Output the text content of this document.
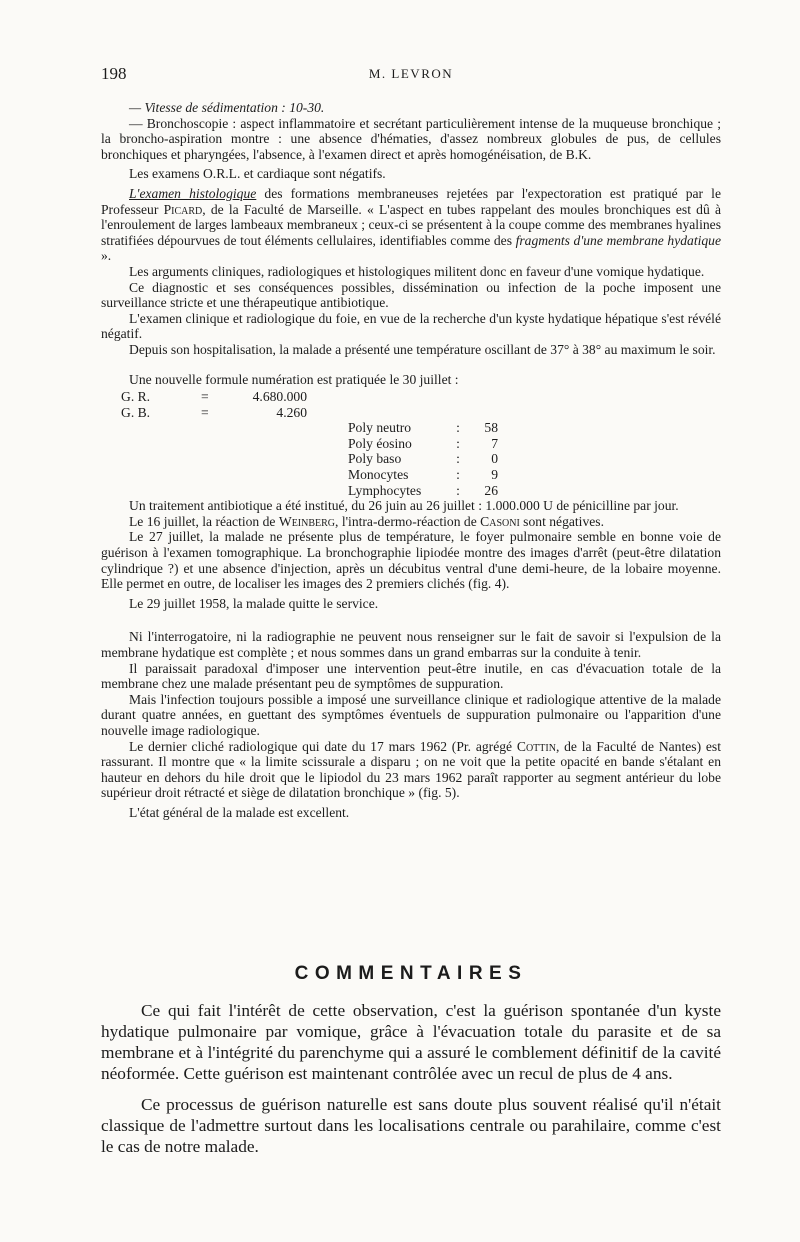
198	M. LEVRON

— Vitesse de sédimentation : 10-30.

— Bronchoscopie : aspect inflammatoire et secrétant particulièrement intense de la muqueuse bronchique ; la broncho-aspiration montre : une absence d'hématies, d'assez nombreux globules de pus, de cellules bronchiques et pharyngées, l'absence, à l'examen direct et après homogénéisation, de B.K.

Les examens O.R.L. et cardiaque sont négatifs.

L'examen histologique des formations membraneuses rejetées par l'expectoration est pratiqué par le Professeur Picard, de la Faculté de Marseille. « L'aspect en tubes rappelant des moules bronchiques est dû à l'enroulement de larges lambeaux membraneux ; ceux-ci se présentent à la coupe comme des membranes hyalines stratifiées dépourvues de tout éléments cellulaires, identifiables comme des fragments d'une membrane hydatique ».

Les arguments cliniques, radiologiques et histologiques militent donc en faveur d'une vomique hydatique.

Ce diagnostic et ses conséquences possibles, dissémination ou infection de la poche imposent une surveillance stricte et une thérapeutique antibiotique.

L'examen clinique et radiologique du foie, en vue de la recherche d'un kyste hydatique hépatique s'est révélé négatif.

Depuis son hospitalisation, la malade a présenté une température oscillant de 37° à 38° au maximum le soir.

Une nouvelle formule numération est pratiquée le 30 juillet :

G. R.	=	4.680.000
G. B.	=	4.260
Poly neutro	:	58
Poly éosino	:	7
Poly baso	:	0
Monocytes	:	9
Lymphocytes	:	26

Un traitement antibiotique a été institué, du 26 juin au 26 juillet : 1.000.000 U de pénicilline par jour.

Le 16 juillet, la réaction de Weinberg, l'intra-dermo-réaction de Casoni sont négatives.

Le 27 juillet, la malade ne présente plus de température, le foyer pulmonaire semble en bonne voie de guérison à l'examen tomographique. La bronchographie lipiodée montre des images d'arrêt (peut-être dilatation cylindrique ?) et une absence d'injection, après un décubitus ventral d'une demi-heure, de la lobaire moyenne. Elle permet en outre, de localiser les images des 2 premiers clichés (fig. 4).

Le 29 juillet 1958, la malade quitte le service.

Ni l'interrogatoire, ni la radiographie ne peuvent nous renseigner sur le fait de savoir si l'expulsion de la membrane hydatique est complète ; et nous sommes dans un grand embarras sur la conduite à tenir.

Il paraissait paradoxal d'imposer une intervention peut-être inutile, en cas d'évacuation totale de la membrane chez une malade présentant peu de symptômes de suppuration.

Mais l'infection toujours possible a imposé une surveillance clinique et radiologique attentive de la malade durant quatre années, en guettant des symptômes éventuels de suppuration pulmonaire ou l'apparition d'une nouvelle image radiologique.

Le dernier cliché radiologique qui date du 17 mars 1962 (Pr. agrégé Cottin, de la Faculté de Nantes) est rassurant. Il montre que « la limite scissurale a disparu ; on ne voit que la petite opacité en bande s'étalant en hauteur en dehors du hile droit que le lipiodol du 23 mars 1962 paraît rapporter au segment antérieur du lobe supérieur droit rétracté et siège de dilatation bronchique » (fig. 5).

L'état général de la malade est excellent.

COMMENTAIRES

Ce qui fait l'intérêt de cette observation, c'est la guérison spontanée d'un kyste hydatique pulmonaire par vomique, grâce à l'évacuation totale du parasite et de sa membrane et à l'intégrité du parenchyme qui a assuré le comblement définitif de la cavité néoformée. Cette guérison est maintenant contrôlée avec un recul de plus de 4 ans.

Ce processus de guérison naturelle est sans doute plus souvent réalisé qu'il n'était classique de l'admettre surtout dans les localisations centrale ou parahilaire, comme c'est le cas de notre malade.
